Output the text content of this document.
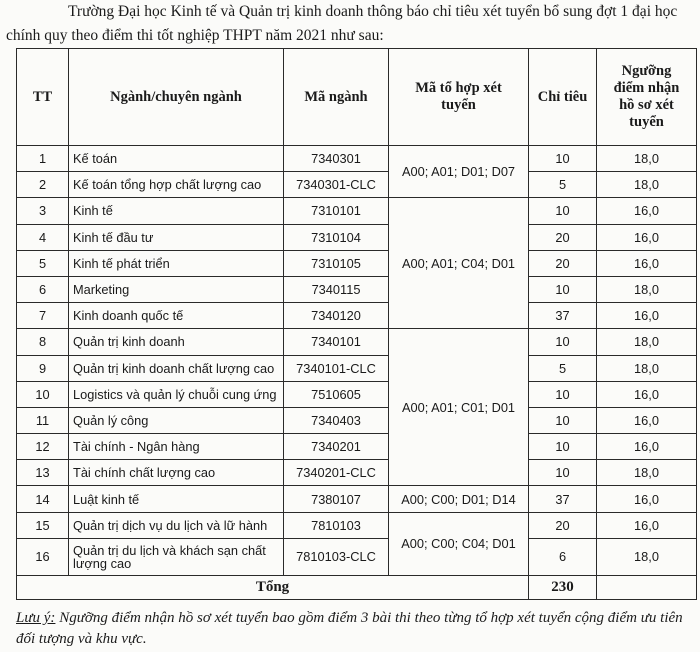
Trường Đại học Kinh tế và Quản trị kinh doanh thông báo chỉ tiêu xét tuyển bổ sung đợt 1 đại học chính quy theo điểm thi tốt nghiệp THPT năm 2021 như sau:
TT	Ngành/chuyên ngành	Mã ngành	Mã tổ hợp xét tuyển	Chỉ tiêu	Ngưỡng điểm nhận hồ sơ xét tuyển
1	Kế toán	7340301	A00; A01; D01; D07	10	18,0
2	Kế toán tổng hợp chất lượng cao	7340301-CLC		5	18,0
3	Kinh tế	7310101	A00; A01; C04; D01	10	16,0
4	Kinh tế đầu tư	7310104		20	16,0
5	Kinh tế phát triển	7310105		20	16,0
6	Marketing	7340115		10	18,0
7	Kinh doanh quốc tế	7340120		37	16,0
8	Quản trị kinh doanh	7340101	A00; A01; C01; D01	10	18,0
9	Quản trị kinh doanh chất lượng cao	7340101-CLC		5	18,0
10	Logistics và quản lý chuỗi cung ứng	7510605		10	16,0
11	Quản lý công	7340403		10	16,0
12	Tài chính - Ngân hàng	7340201		10	16,0
13	Tài chính chất lượng cao	7340201-CLC		10	18,0
14	Luật kinh tế	7380107	A00; C00; D01; D14	37	16,0
15	Quản trị dịch vụ du lịch và lữ hành	7810103	A00; C00; C04; D01	20	16,0
16	Quản trị du lịch và khách sạn chất lượng cao	7810103-CLC		6	18,0
Tổng				230	
Lưu ý: Ngưỡng điểm nhận hồ sơ xét tuyển bao gồm điểm 3 bài thi theo từng tổ hợp xét tuyển cộng điểm ưu tiên đối tượng và khu vực.
